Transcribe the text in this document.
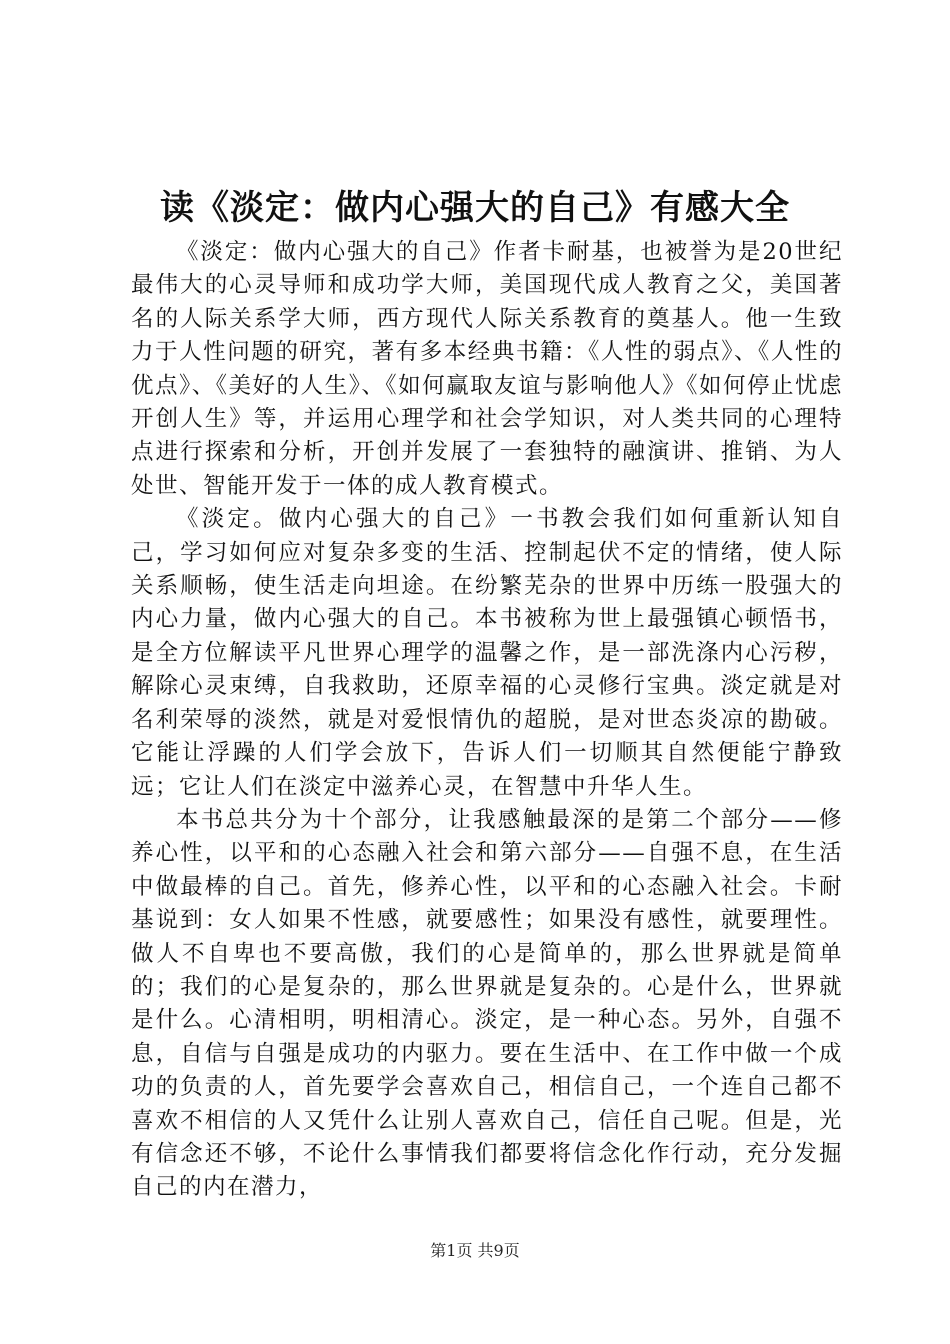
读《淡定：做内心强大的自己》有感大全

《淡定：做内心强大的自己》作者卡耐基，也被誉为是20世纪最伟大的心灵导师和成功学大师，美国现代成人教育之父，美国著名的人际关系学大师，西方现代人际关系教育的奠基人。他一生致力于人性问题的研究，著有多本经典书籍：《人性的弱点》、《人性的优点》、《美好的人生》、《如何赢取友谊与影响他人》《如何停止忧虑开创人生》等，并运用心理学和社会学知识，对人类共同的心理特点进行探索和分析，开创并发展了一套独特的融演讲、推销、为人处世、智能开发于一体的成人教育模式。

《淡定。做内心强大的自己》一书教会我们如何重新认知自己，学习如何应对复杂多变的生活、控制起伏不定的情绪，使人际关系顺畅，使生活走向坦途。在纷繁芜杂的世界中历练一股强大的内心力量，做内心强大的自己。本书被称为世上最强镇心顿悟书，是全方位解读平凡世界心理学的温馨之作，是一部洗涤内心污秽，解除心灵束缚，自我救助，还原幸福的心灵修行宝典。淡定就是对名利荣辱的淡然，就是对爱恨情仇的超脱，是对世态炎凉的勘破。它能让浮躁的人们学会放下，告诉人们一切顺其自然便能宁静致远；它让人们在淡定中滋养心灵，在智慧中升华人生。

本书总共分为十个部分，让我感触最深的是第二个部分——修养心性，以平和的心态融入社会和第六部分——自强不息，在生活中做最棒的自己。首先，修养心性，以平和的心态融入社会。卡耐基说到：女人如果不性感，就要感性；如果没有感性，就要理性。做人不自卑也不要高傲，我们的心是简单的，那么世界就是简单的；我们的心是复杂的，那么世界就是复杂的。心是什么，世界就是什么。心清相明，明相清心。淡定，是一种心态。另外，自强不息，自信与自强是成功的内驱力。要在生活中、在工作中做一个成功的负责的人，首先要学会喜欢自己，相信自己，一个连自己都不喜欢不相信的人又凭什么让别人喜欢自己，信任自己呢。但是，光有信念还不够，不论什么事情我们都要将信念化作行动，充分发掘自己的内在潜力，

第1页 共9页
